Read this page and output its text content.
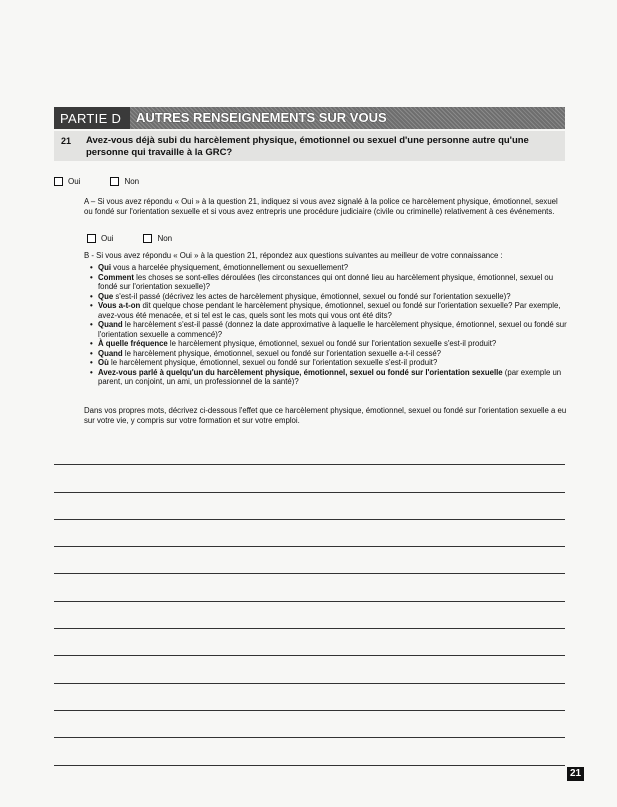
PARTIE D	AUTRES RENSEIGNEMENTS SUR VOUS
21	Avez-vous déjà subi du harcèlement physique, émotionnel ou sexuel d'une personne autre qu'une personne qui travaille à la GRC?
Oui	Non
A – Si vous avez répondu « Oui » à la question 21, indiquez si vous avez signalé à la police ce harcèlement physique, émotionnel, sexuel ou fondé sur l'orientation sexuelle et si vous avez entrepris une procédure judiciaire (civile ou criminelle) relativement à ces événements.
Oui	Non
B - Si vous avez répondu « Oui » à la question 21, répondez aux questions suivantes au meilleur de votre connaissance :
• Qui vous a harcelée physiquement, émotionnellement ou sexuellement?
• Comment les choses se sont-elles déroulées (les circonstances qui ont donné lieu au harcèlement physique, émotionnel, sexuel ou fondé sur l'orientation sexuelle)?
• Que s'est-il passé (décrivez les actes de harcèlement physique, émotionnel, sexuel ou fondé sur l'orientation sexuelle)?
• Vous a-t-on dit quelque chose pendant le harcèlement physique, émotionnel, sexuel ou fondé sur l'orientation sexuelle? Par exemple, avez-vous été menacée, et si tel est le cas, quels sont les mots qui vous ont été dits?
• Quand le harcèlement s'est-il passé (donnez la date approximative à laquelle le harcèlement physique, émotionnel, sexuel ou fondé sur l'orientation sexuelle a commencé)?
• À quelle fréquence le harcèlement physique, émotionnel, sexuel ou fondé sur l'orientation sexuelle s'est-il produit?
• Quand le harcèlement physique, émotionnel, sexuel ou fondé sur l'orientation sexuelle a-t-il cessé?
• Où le harcèlement physique, émotionnel, sexuel ou fondé sur l'orientation sexuelle s'est-il produit?
• Avez-vous parlé à quelqu'un du harcèlement physique, émotionnel, sexuel ou fondé sur l'orientation sexuelle (par exemple un parent, un conjoint, un ami, un professionnel de la santé)?
Dans vos propres mots, décrivez ci-dessous l'effet que ce harcèlement physique, émotionnel, sexuel ou fondé sur l'orientation sexuelle a eu sur votre vie, y compris sur votre formation et sur votre emploi.
21
